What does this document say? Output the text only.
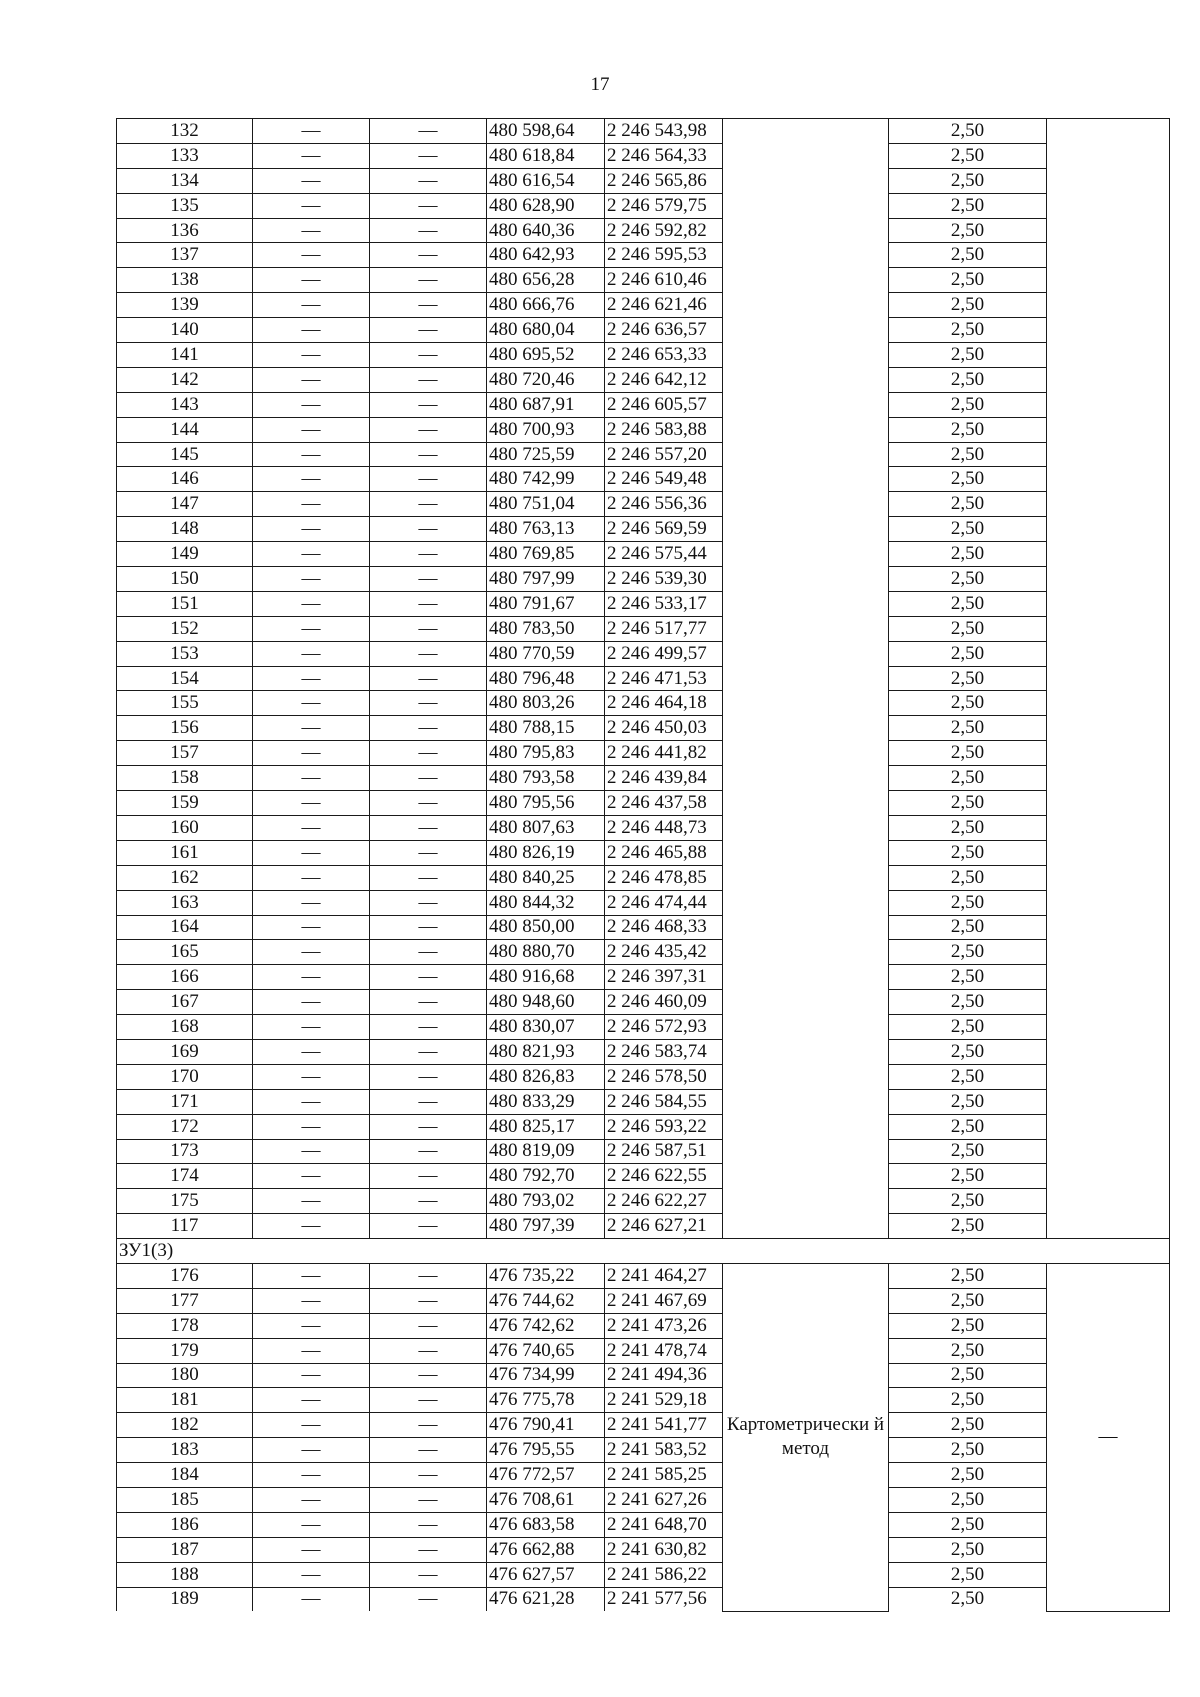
17
132	—	—	480 598,64	2 246 543,98		2,50	
133	—	—	480 618,84	2 246 564,33		2,50	
134	—	—	480 616,54	2 246 565,86		2,50	
135	—	—	480 628,90	2 246 579,75		2,50	
136	—	—	480 640,36	2 246 592,82		2,50	
137	—	—	480 642,93	2 246 595,53		2,50	
138	—	—	480 656,28	2 246 610,46		2,50	
139	—	—	480 666,76	2 246 621,46		2,50	
140	—	—	480 680,04	2 246 636,57		2,50	
141	—	—	480 695,52	2 246 653,33		2,50	
142	—	—	480 720,46	2 246 642,12		2,50	
143	—	—	480 687,91	2 246 605,57		2,50	
144	—	—	480 700,93	2 246 583,88		2,50	
145	—	—	480 725,59	2 246 557,20		2,50	
146	—	—	480 742,99	2 246 549,48		2,50	
147	—	—	480 751,04	2 246 556,36		2,50	
148	—	—	480 763,13	2 246 569,59		2,50	
149	—	—	480 769,85	2 246 575,44		2,50	
150	—	—	480 797,99	2 246 539,30		2,50	
151	—	—	480 791,67	2 246 533,17		2,50	
152	—	—	480 783,50	2 246 517,77		2,50	
153	—	—	480 770,59	2 246 499,57		2,50	
154	—	—	480 796,48	2 246 471,53		2,50	
155	—	—	480 803,26	2 246 464,18		2,50	
156	—	—	480 788,15	2 246 450,03		2,50	
157	—	—	480 795,83	2 246 441,82		2,50	
158	—	—	480 793,58	2 246 439,84		2,50	
159	—	—	480 795,56	2 246 437,58		2,50	
160	—	—	480 807,63	2 246 448,73		2,50	
161	—	—	480 826,19	2 246 465,88		2,50	
162	—	—	480 840,25	2 246 478,85		2,50	
163	—	—	480 844,32	2 246 474,44		2,50	
164	—	—	480 850,00	2 246 468,33		2,50	
165	—	—	480 880,70	2 246 435,42		2,50	
166	—	—	480 916,68	2 246 397,31		2,50	
167	—	—	480 948,60	2 246 460,09		2,50	
168	—	—	480 830,07	2 246 572,93		2,50	
169	—	—	480 821,93	2 246 583,74		2,50	
170	—	—	480 826,83	2 246 578,50		2,50	
171	—	—	480 833,29	2 246 584,55		2,50	
172	—	—	480 825,17	2 246 593,22		2,50	
173	—	—	480 819,09	2 246 587,51		2,50	
174	—	—	480 792,70	2 246 622,55		2,50	
175	—	—	480 793,02	2 246 622,27		2,50	
117	—	—	480 797,39	2 246 627,21		2,50	
ЗУ1(3)							
176	—	—	476 735,22	2 241 464,27	Картометрически й метод	2,50	—
177	—	—	476 744,62	2 241 467,69		2,50	
178	—	—	476 742,62	2 241 473,26		2,50	
179	—	—	476 740,65	2 241 478,74		2,50	
180	—	—	476 734,99	2 241 494,36		2,50	
181	—	—	476 775,78	2 241 529,18		2,50	
182	—	—	476 790,41	2 241 541,77		2,50	
183	—	—	476 795,55	2 241 583,52		2,50	
184	—	—	476 772,57	2 241 585,25		2,50	
185	—	—	476 708,61	2 241 627,26		2,50	
186	—	—	476 683,58	2 241 648,70		2,50	
187	—	—	476 662,88	2 241 630,82		2,50	
188	—	—	476 627,57	2 241 586,22		2,50	
189	—	—	476 621,28	2 241 577,56		2,50	
